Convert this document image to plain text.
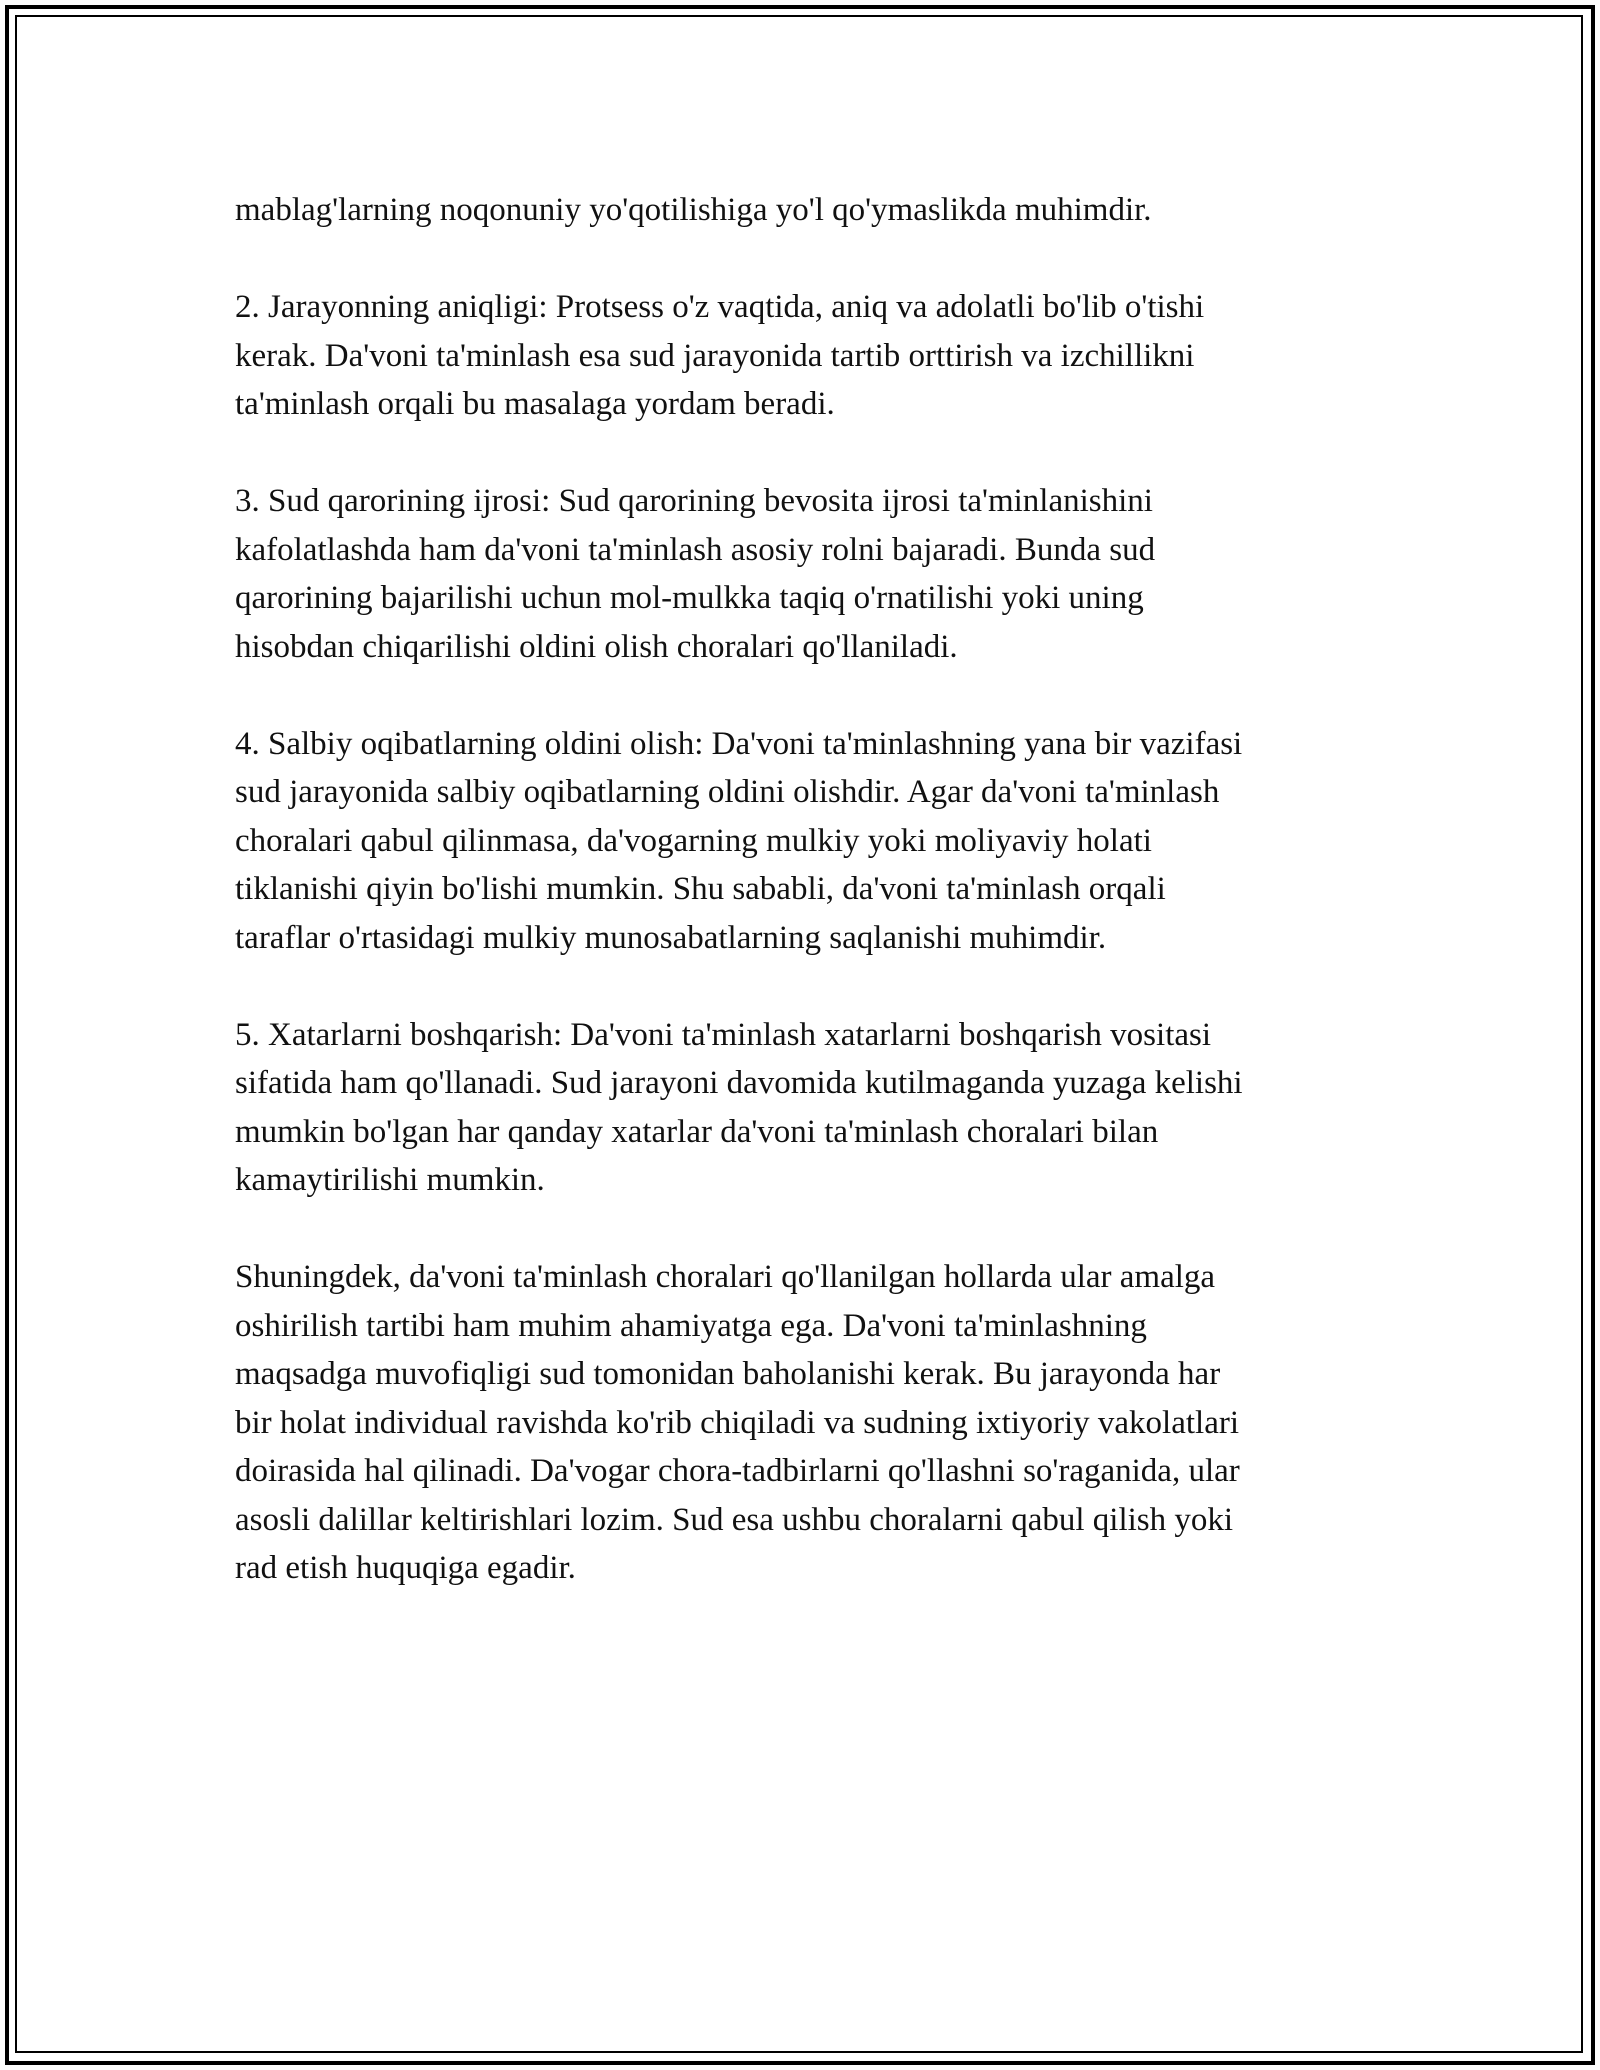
mablag'larning noqonuniy yo'qotilishiga yo'l qo'ymaslikda muhimdir.

2. Jarayonning aniqligi: Protsess o'z vaqtida, aniq va adolatli bo'lib o'tishi
kerak. Da'voni ta'minlash esa sud jarayonida tartib orttirish va izchillikni
ta'minlash orqali bu masalaga yordam beradi.

3. Sud qarorining ijrosi: Sud qarorining bevosita ijrosi ta'minlanishini
kafolatlashda ham da'voni ta'minlash asosiy rolni bajaradi. Bunda sud
qarorining bajarilishi uchun mol-mulkka taqiq o'rnatilishi yoki uning
hisobdan chiqarilishi oldini olish choralari qo'llaniladi.

4. Salbiy oqibatlarning oldini olish: Da'voni ta'minlashning yana bir vazifasi
sud jarayonida salbiy oqibatlarning oldini olishdir. Agar da'voni ta'minlash
choralari qabul qilinmasa, da'vogarning mulkiy yoki moliyaviy holati
tiklanishi qiyin bo'lishi mumkin. Shu sababli, da'voni ta'minlash orqali
taraflar o'rtasidagi mulkiy munosabatlarning saqlanishi muhimdir.

5. Xatarlarni boshqarish: Da'voni ta'minlash xatarlarni boshqarish vositasi
sifatida ham qo'llanadi. Sud jarayoni davomida kutilmaganda yuzaga kelishi
mumkin bo'lgan har qanday xatarlar da'voni ta'minlash choralari bilan
kamaytirilishi mumkin.

Shuningdek, da'voni ta'minlash choralari qo'llanilgan hollarda ular amalga
oshirilish tartibi ham muhim ahamiyatga ega. Da'voni ta'minlashning
maqsadga muvofiqligi sud tomonidan baholanishi kerak. Bu jarayonda har
bir holat individual ravishda ko'rib chiqiladi va sudning ixtiyoriy vakolatlari
doirasida hal qilinadi. Da'vogar chora-tadbirlarni qo'llashni so'raganida, ular
asosli dalillar keltirishlari lozim. Sud esa ushbu choralarni qabul qilish yoki
rad etish huquqiga egadir.
